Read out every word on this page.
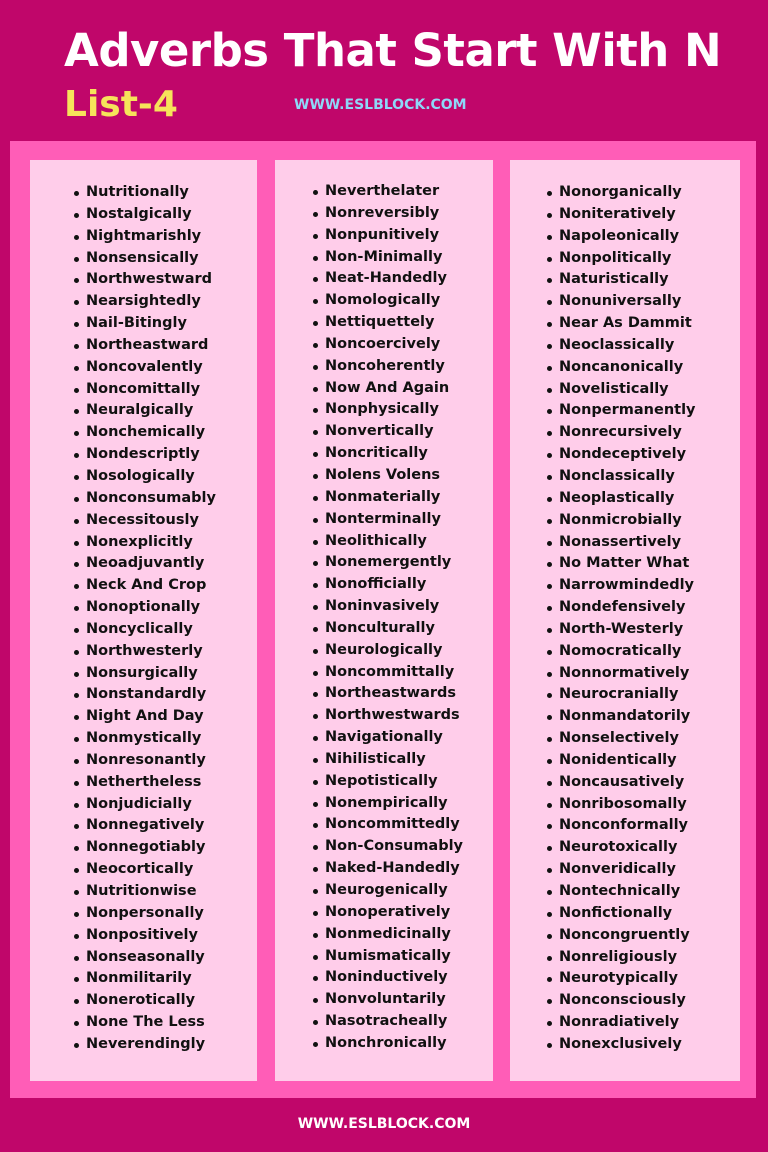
Adverbs That Start With N
List-4	WWW.ESLBLOCK.COM
Nutritionally
Nostalgically
Nightmarishly
Nonsensically
Northwestward
Nearsightedly
Nail-Bitingly
Northeastward
Noncovalently
Noncomittally
Neuralgically
Nonchemically
Nondescriptly
Nosologically
Nonconsumably
Necessitously
Nonexplicitly
Neoadjuvantly
Neck And Crop
Nonoptionally
Noncyclically
Northwesterly
Nonsurgically
Nonstandardly
Night And Day
Nonmystically
Nonresonantly
Nethertheless
Nonjudicially
Nonnegatively
Nonnegotiably
Neocortically
Nutritionwise
Nonpersonally
Nonpositively
Nonseasonally
Nonmilitarily
Nonerotically
None The Less
Neverendingly
Neverthelater
Nonreversibly
Nonpunitively
Non-Minimally
Neat-Handedly
Nomologically
Nettiquettely
Noncoercively
Noncoherently
Now And Again
Nonphysically
Nonvertically
Noncritically
Nolens Volens
Nonmaterially
Nonterminally
Neolithically
Nonemergently
Nonofficially
Noninvasively
Nonculturally
Neurologically
Noncommittally
Northeastwards
Northwestwards
Navigationally
Nihilistically
Nepotistically
Nonempirically
Noncommittedly
Non-Consumably
Naked-Handedly
Neurogenically
Nonoperatively
Nonmedicinally
Numismatically
Noninductively
Nonvoluntarily
Nasotracheally
Nonchronically
Nonorganically
Noniteratively
Napoleonically
Nonpolitically
Naturistically
Nonuniversally
Near As Dammit
Neoclassically
Noncanonically
Novelistically
Nonpermanently
Nonrecursively
Nondeceptively
Nonclassically
Neoplastically
Nonmicrobially
Nonassertively
No Matter What
Narrowmindedly
Nondefensively
North-Westerly
Nomocratically
Nonnormatively
Neurocranially
Nonmandatorily
Nonselectively
Nonidentically
Noncausatively
Nonribosomally
Nonconformally
Neurotoxically
Nonveridically
Nontechnically
Nonfictionally
Noncongruently
Nonreligiously
Neurotypically
Nonconsciously
Nonradiatively
Nonexclusively
WWW.ESLBLOCK.COM
